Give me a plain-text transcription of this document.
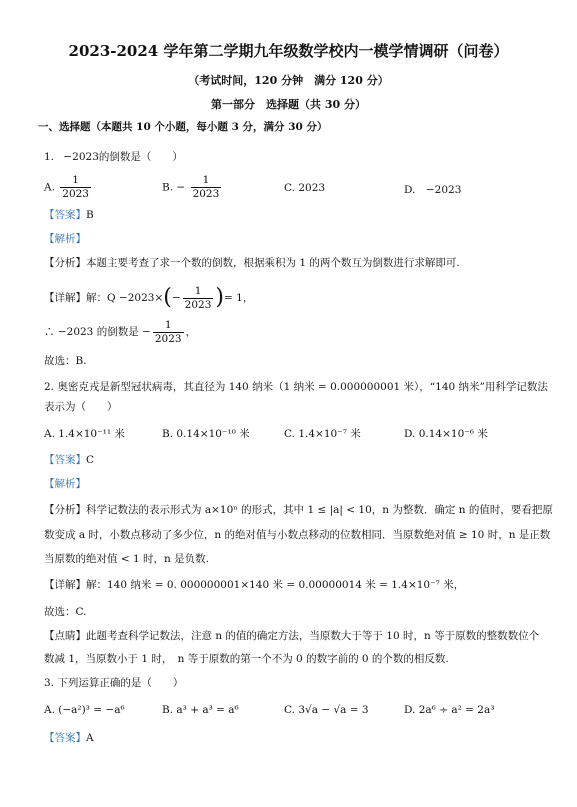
2023-2024 学年第二学期九年级数学校内一模学情调研（问卷）
（考试时间，120 分钟　满分 120 分）
第一部分　选择题（共 30 分）
一、选择题（本题共 10 个小题，每小题 3 分，满分 30 分）
1. −2023的倒数是（　　）
A. $\frac{1}{2023}$	B. − $\frac{1}{2023}$	C. 2023	D.　−2023
【答案】B
【解析】
【分析】本题主要考查了求一个数的倒数，根据乘积为 1 的两个数互为倒数进行求解即可.
【详解】解：$Q -2023\times(- \frac{1}{2023}$ )= 1，
∴ −2023 的倒数是 − $\frac{1}{2023}$ ，
故选：B.
2. 奥密克戎是新型冠状病毒，其直径为 140 纳米（1 纳米 = 0.000000001 米），“140 纳米”用科学记数法
表示为（　　）
A. 1.4×10⁻¹¹ 米	B. 0.14×10⁻¹⁰ 米	C. 1.4×10⁻⁷ 米	D. 0.14×10⁻⁶ 米
【答案】C
【解析】
【分析】科学记数法的表示形式为 a×10ⁿ 的形式，其中 1 ≤ |a| < 10，n 为整数．确定 n 的值时，要看把原
数变成 a 时，小数点移动了多少位，n 的绝对值与小数点移动的位数相同．当原数绝对值 ≥ 10 时，n 是正数
当原数的绝对值 < 1 时，n 是负数.
【详解】解：140 纳米 = 0. 000000001×140 米 = 0.00000014 米 = 1.4×10⁻⁷ 米，
故选：C.
【点睛】此题考查科学记数法，注意 n 的值的确定方法，当原数大于等于 10 时，n 等于原数的整数数位个
数减 1，当原数小于 1 时，　n 等于原数的第一个不为 0 的数字前的 0 的个数的相反数.
3. 下列运算正确的是（　　）
A. (−a²)³ = −a⁶	B. a³ + a³ = a⁶	C. 3√a − √a = 3	D. 2a⁶ ÷ a² = 2a³
【答案】A
